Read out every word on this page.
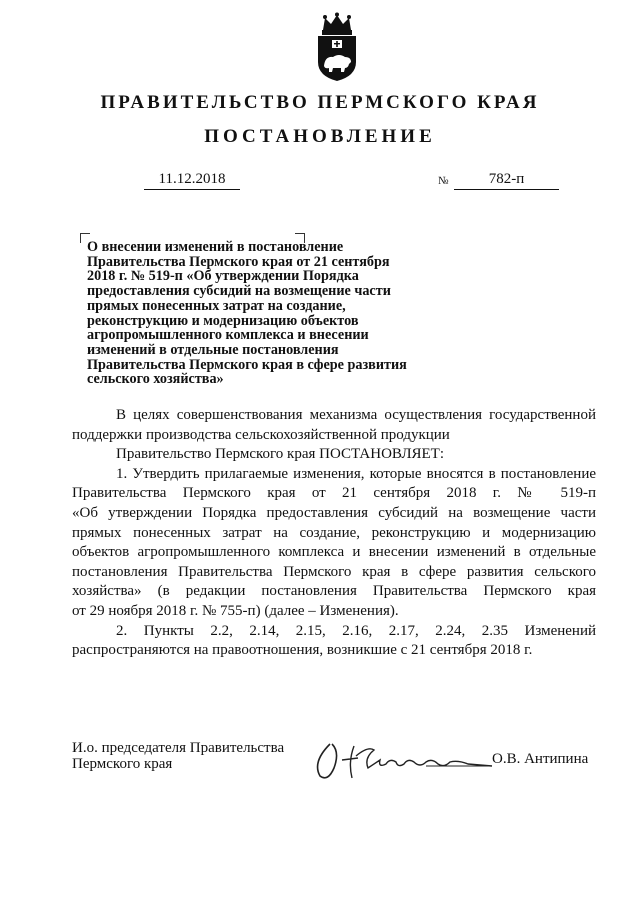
ПРАВИТЕЛЬСТВО ПЕРМСКОГО КРАЯ
ПОСТАНОВЛЕНИЕ
11.12.2018	№	782-п
О внесении изменений в постановление
Правительства Пермского края от 21 сентября
2018 г. № 519-п «Об утверждении Порядка
предоставления субсидий на возмещение части
прямых понесенных затрат на создание,
реконструкцию и модернизацию объектов
агропромышленного комплекса и внесении
изменений в отдельные постановления
Правительства Пермского края в сфере развития
сельского хозяйства»
В целях совершенствования механизма осуществления государственной
поддержки производства сельскохозяйственной продукции
Правительство Пермского края ПОСТАНОВЛЯЕТ:
1. Утвердить прилагаемые изменения, которые вносятся в постановление
Правительства Пермского края от 21 сентября 2018 г. № 519-п
«Об утверждении Порядка предоставления субсидий на возмещение части
прямых понесенных затрат на создание, реконструкцию и модернизацию
объектов агропромышленного комплекса и внесении изменений в отдельные
постановления Правительства Пермского края в сфере развития сельского
хозяйства» (в редакции постановления Правительства Пермского края
от 29 ноября 2018 г. № 755-п) (далее – Изменения).
2. Пункты 2.2, 2.14, 2.15, 2.16, 2.17, 2.24, 2.35 Изменений
распространяются на правоотношения, возникшие с 21 сентября 2018 г.
И.о. председателя Правительства
Пермского края	О.В. Антипина
